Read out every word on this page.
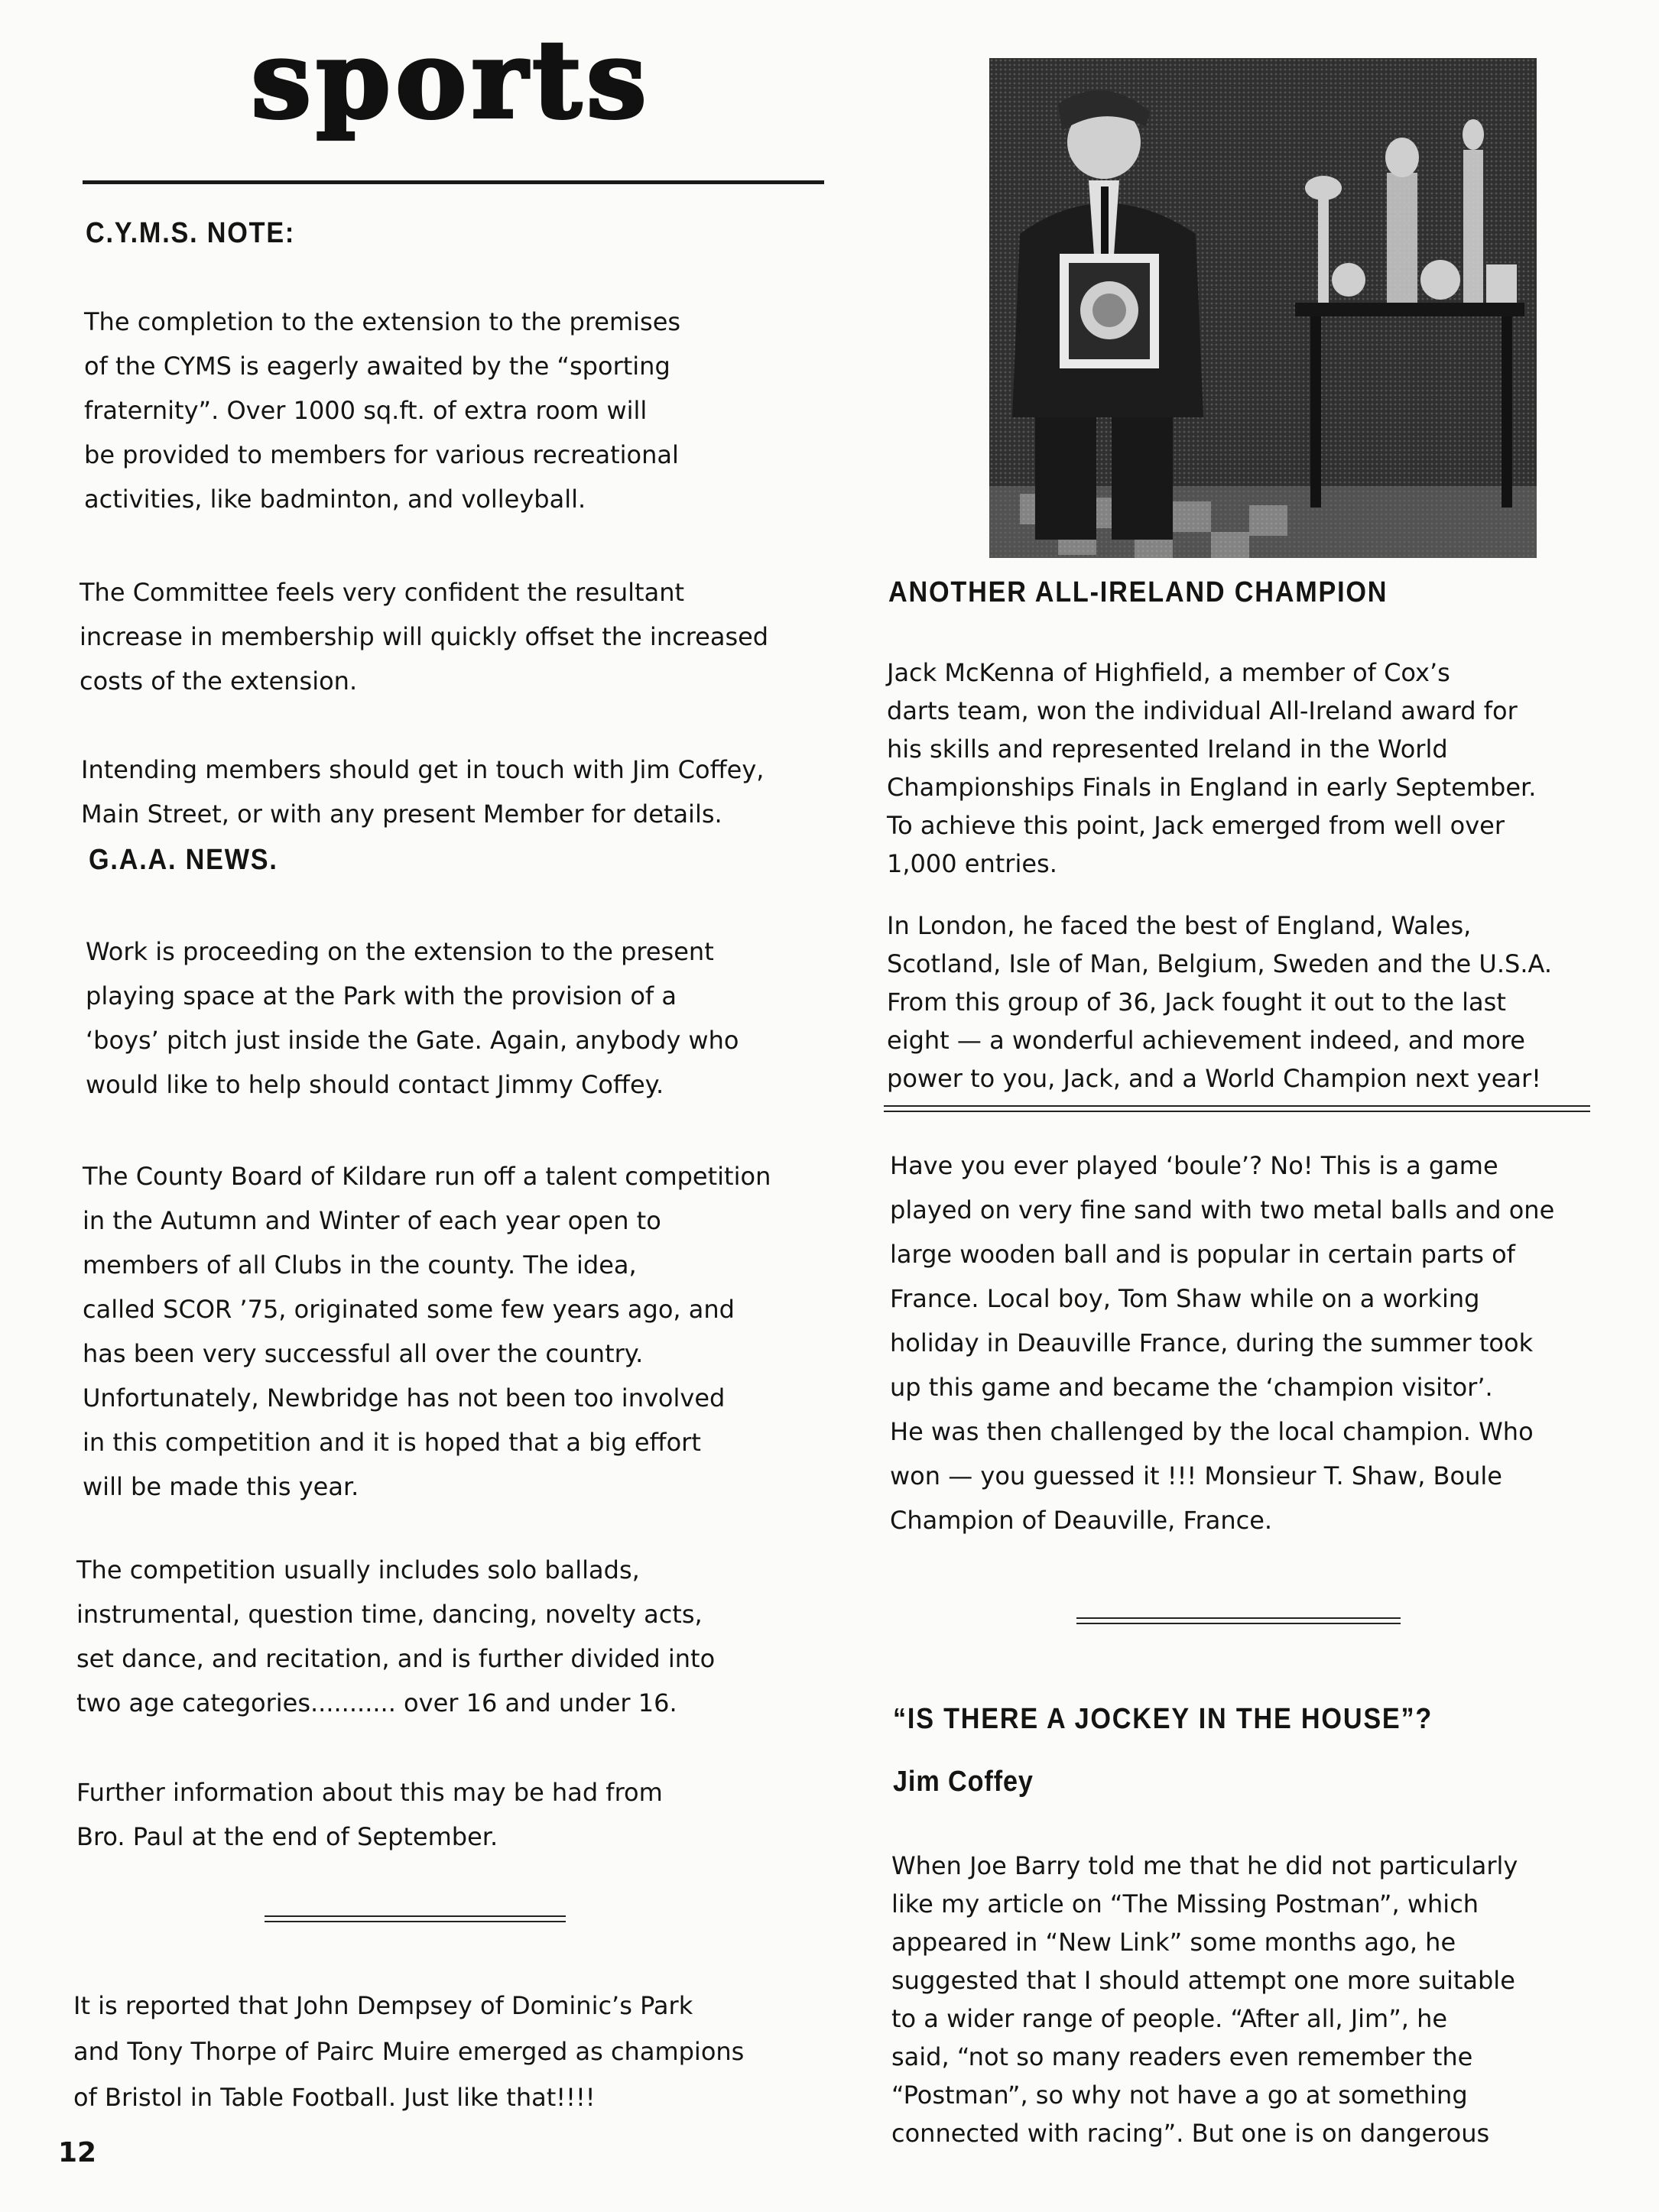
sports
C.Y.M.S. NOTE:
The completion to the extension to the premises
of the CYMS is eagerly awaited by the “sporting
fraternity”. Over 1000 sq.ft. of extra room will
be provided to members for various recreational
activities, like badminton, and volleyball.
The Committee feels very confident the resultant
increase in membership will quickly offset the increased
costs of the extension.
Intending members should get in touch with Jim Coffey,
Main Street, or with any present Member for details.
G.A.A. NEWS.
Work is proceeding on the extension to the present
playing space at the Park with the provision of a
‘boys’ pitch just inside the Gate. Again, anybody who
would like to help should contact Jimmy Coffey.
The County Board of Kildare run off a talent competition
in the Autumn and Winter of each year open to
members of all Clubs in the county. The idea,
called SCOR ’75, originated some few years ago, and
has been very successful all over the country.
Unfortunately, Newbridge has not been too involved
in this competition and it is hoped that a big effort
will be made this year.
The competition usually includes solo ballads,
instrumental, question time, dancing, novelty acts,
set dance, and recitation, and is further divided into
two age categories........... over 16 and under 16.
Further information about this may be had from
Bro. Paul at the end of September.
It is reported that John Dempsey of Dominic’s Park
and Tony Thorpe of Pairc Muire emerged as champions
of Bristol in Table Football. Just like that!!!!
12
ANOTHER ALL-IRELAND CHAMPION
Jack McKenna of Highfield, a member of Cox’s
darts team, won the individual All-Ireland award for
his skills and represented Ireland in the World
Championships Finals in England in early September.
To achieve this point, Jack emerged from well over
1,000 entries.
In London, he faced the best of England, Wales,
Scotland, Isle of Man, Belgium, Sweden and the U.S.A.
From this group of 36, Jack fought it out to the last
eight — a wonderful achievement indeed, and more
power to you, Jack, and a World Champion next year!
Have you ever played ‘boule’? No! This is a game
played on very fine sand with two metal balls and one
large wooden ball and is popular in certain parts of
France. Local boy, Tom Shaw while on a working
holiday in Deauville France, during the summer took
up this game and became the ‘champion visitor’.
He was then challenged by the local champion. Who
won — you guessed it !!! Monsieur T. Shaw, Boule
Champion of Deauville, France.
“IS THERE A JOCKEY IN THE HOUSE”?
Jim Coffey
When Joe Barry told me that he did not particularly
like my article on “The Missing Postman”, which
appeared in “New Link” some months ago, he
suggested that I should attempt one more suitable
to a wider range of people. “After all, Jim”, he
said, “not so many readers even remember the
“Postman”, so why not have a go at something
connected with racing”. But one is on dangerous
